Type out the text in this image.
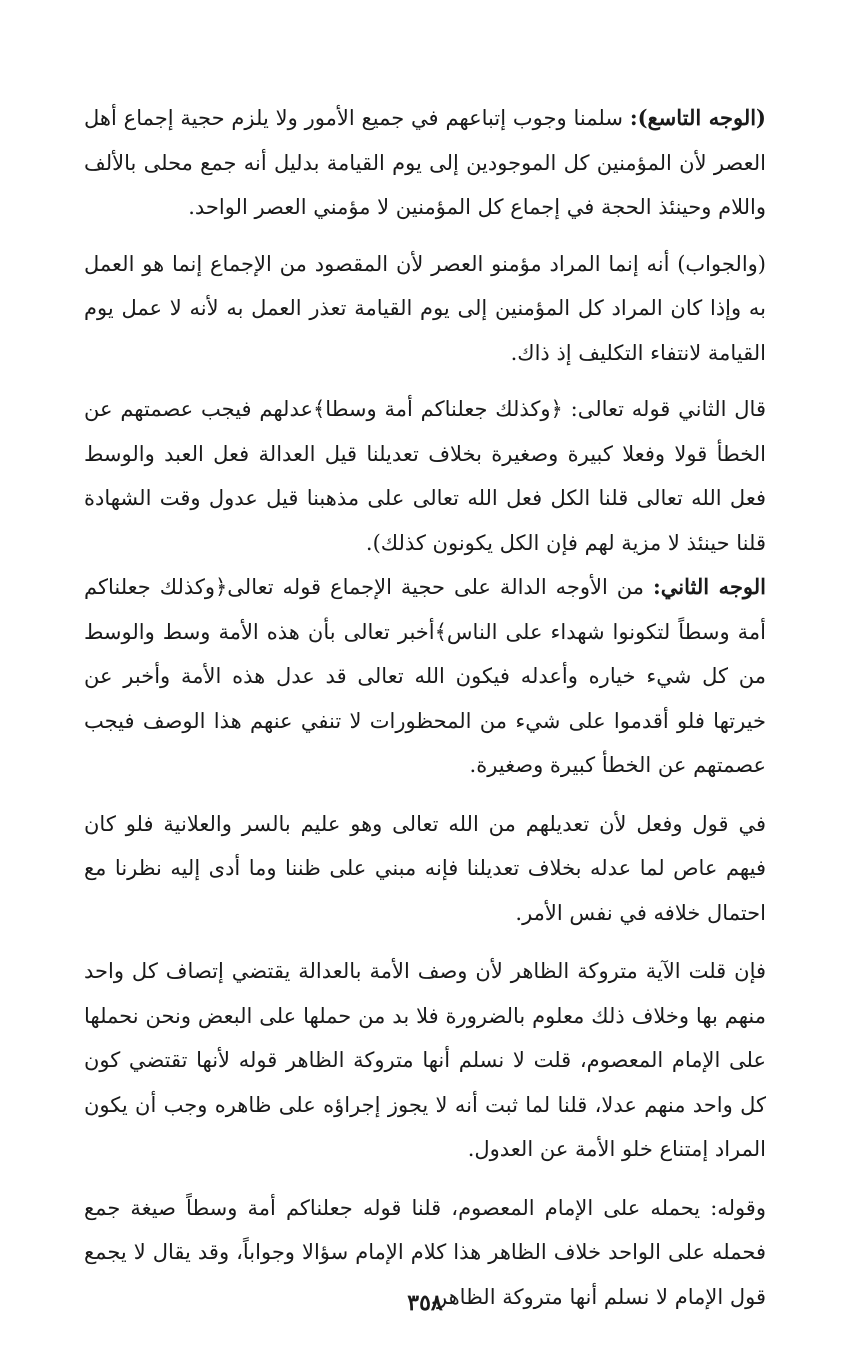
(الوجه التاسع): سلمنا وجوب إتباعهم في جميع الأمور ولا يلزم حجية إجماع أهل العصر لأن المؤمنين كل الموجودين إلى يوم القيامة بدليل أنه جمع محلى بالألف واللام وحينئذ الحجة في إجماع كل المؤمنين لا مؤمني العصر الواحد.

(والجواب) أنه إنما المراد مؤمنو العصر لأن المقصود من الإجماع إنما هو العمل به وإذا كان المراد كل المؤمنين إلى يوم القيامة تعذر العمل به لأنه لا عمل يوم القيامة لانتفاء التكليف إذ ذاك.

قال الثاني قوله تعالى: ﴿وكذلك جعلناكم أمة وسطا﴾عدلهم فيجب عصمتهم عن الخطأ قولا وفعلا كبيرة وصغيرة بخلاف تعديلنا قيل العدالة فعل العبد والوسط فعل الله تعالى قلنا الكل فعل الله تعالى على مذهبنا قيل عدول وقت الشهادة قلنا حينئذ لا مزية لهم فإن الكل يكونون كذلك).

الوجه الثاني: من الأوجه الدالة على حجية الإجماع قوله تعالى﴿وكذلك جعلناكم أمة وسطاً لتكونوا شهداء على الناس﴾أخبر تعالى بأن هذه الأمة وسط والوسط من كل شيء خياره وأعدله فيكون الله تعالى قد عدل هذه الأمة وأخبر عن خيرتها فلو أقدموا على شيء من المحظورات لا تنفي عنهم هذا الوصف فيجب عصمتهم عن الخطأ كبيرة وصغيرة.

في قول وفعل لأن تعديلهم من الله تعالى وهو عليم بالسر والعلانية فلو كان فيهم عاص لما عدله بخلاف تعديلنا فإنه مبني على ظننا وما أدى إليه نظرنا مع احتمال خلافه في نفس الأمر.

فإن قلت الآية متروكة الظاهر لأن وصف الأمة بالعدالة يقتضي إتصاف كل واحد منهم بها وخلاف ذلك معلوم بالضرورة فلا بد من حملها على البعض ونحن نحملها على الإمام المعصوم، قلت لا نسلم أنها متروكة الظاهر قوله لأنها تقتضي كون كل واحد منهم عدلا، قلنا لما ثبت أنه لا يجوز إجراؤه على ظاهره وجب أن يكون المراد إمتناع خلو الأمة عن العدول.

وقوله: يحمله على الإمام المعصوم، قلنا قوله جعلناكم أمة وسطاً صيغة جمع فحمله على الواحد خلاف الظاهر هذا كلام الإمام سؤالا وجواباً، وقد يقال لا يجمع قول الإمام لا نسلم أنها متروكة الظاهر.

٣٥٨
